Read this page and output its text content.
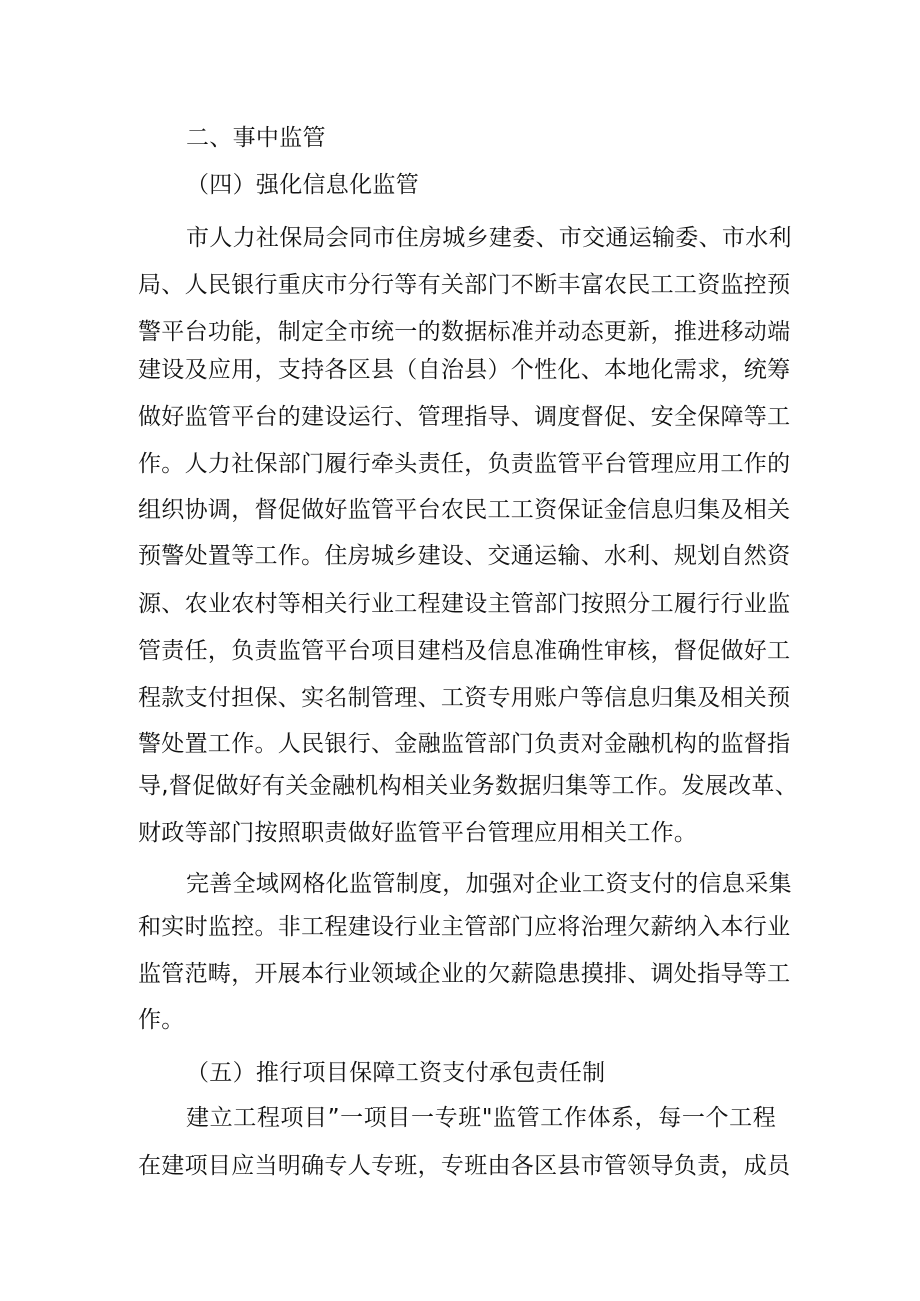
二、事中监管
（四）强化信息化监管
市人力社保局会同市住房城乡建委、市交通运输委、市水利
局、人民银行重庆市分行等有关部门不断丰富农民工工资监控预
警平台功能，制定全市统一的数据标准并动态更新，推进移动端
建设及应用，支持各区县（自治县）个性化、本地化需求，统筹
做好监管平台的建设运行、管理指导、调度督促、安全保障等工
作。人力社保部门履行牵头责任，负责监管平台管理应用工作的
组织协调，督促做好监管平台农民工工资保证金信息归集及相关
预警处置等工作。住房城乡建设、交通运输、水利、规划自然资
源、农业农村等相关行业工程建设主管部门按照分工履行行业监
管责任，负责监管平台项目建档及信息准确性审核，督促做好工
程款支付担保、实名制管理、工资专用账户等信息归集及相关预
警处置工作。人民银行、金融监管部门负责对金融机构的监督指
导,督促做好有关金融机构相关业务数据归集等工作。发展改革、
财政等部门按照职责做好监管平台管理应用相关工作。
完善全域网格化监管制度，加强对企业工资支付的信息采集
和实时监控。非工程建设行业主管部门应将治理欠薪纳入本行业
监管范畴，开展本行业领域企业的欠薪隐患摸排、调处指导等工
作。
（五）推行项目保障工资支付承包责任制
建立工程项目”一项目一专班"监管工作体系，每一个工程
在建项目应当明确专人专班，专班由各区县市管领导负责，成员
